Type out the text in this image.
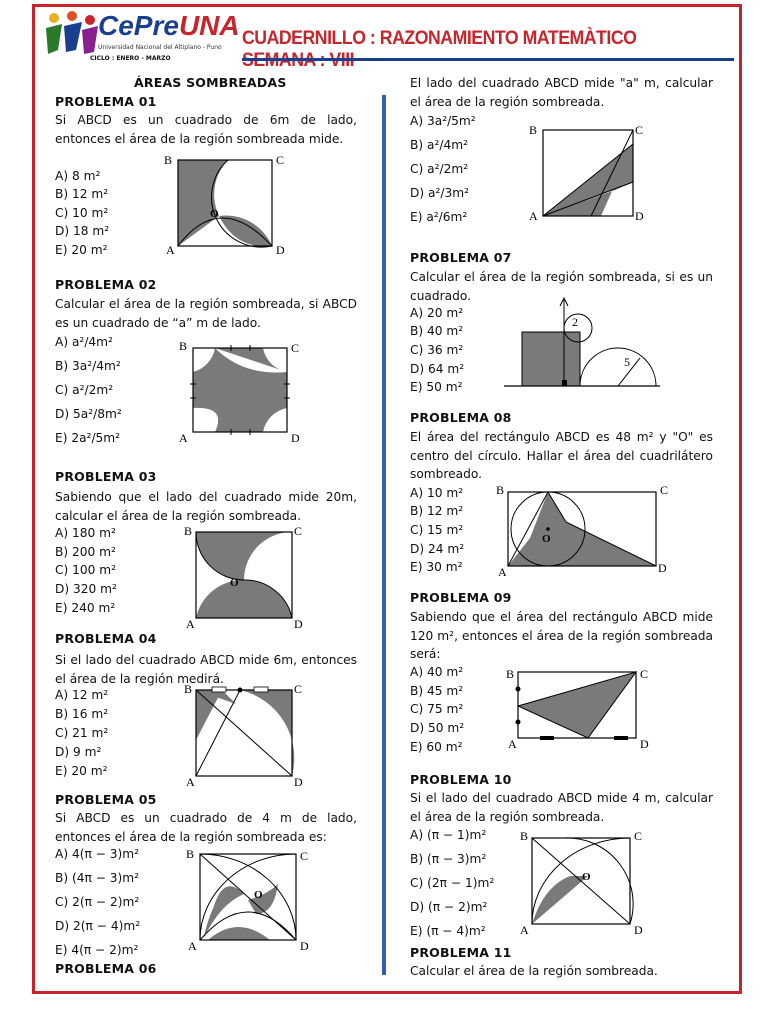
CePreUNA
Universidad Nacional del Altiplano - Puno
CICLO : ENERO - MARZO
CUADERNILLO : RAZONAMIENTO MATEMÀTICO
ÁREAS SOMBREADAS
PROBLEMA 01
Si ABCD es un cuadrado de 6m de lado, entonces el área de la región sombreada mide.
A) 8 m²
B) 12 m²
C) 10 m²
D) 18 m²
E) 20 m²
B	C
A	D
O
PROBLEMA 02
Calcular el área de la región sombreada, si ABCD es un cuadrado de “a” m de lado.
A) a²/4m²
B) 3a²/4m²
C) a²/2m²
D) 5a²/8m²
E) 2a²/5m²
B	C
A	D
PROBLEMA 03
Sabiendo que el lado del cuadrado mide 20m, calcular el área de la región sombreada.
A) 180 m²
B) 200 m²
C) 100 m²
D) 320 m²
E) 240 m²
B	C
A	D
O
PROBLEMA 04
Si el lado del cuadrado ABCD mide 6m, entonces el área de la región medirá.
A) 12 m²
B) 16 m²
C) 21 m²
D) 9 m²
E) 20 m²
B	C
A	D
PROBLEMA 05
Si ABCD es un cuadrado de 4 m de lado, entonces el área de la región sombreada es:
A) 4(π − 3)m²
B) (4π − 3)m²
C) 2(π − 2)m²
D) 2(π − 4)m²
E) 4(π − 2)m²
B	C
A	D
O
PROBLEMA 06
El lado del cuadrado ABCD mide "a" m, calcular el área de la región sombreada.
A) 3a²/5m²
B) a²/4m²
C) a²/2m²
D) a²/3m²
E) a²/6m²
B	C
A	D
PROBLEMA 07
Calcular el área de la región sombreada, si es un cuadrado.
A) 20 m²
B) 40 m²
C) 36 m²
D) 64 m²
E) 50 m²
2
5
PROBLEMA 08
El área del rectángulo ABCD es 48 m² y "O" es centro del círculo. Hallar el área del cuadrilátero sombreado.
A) 10 m²
B) 12 m²
C) 15 m²
D) 24 m²
E) 30 m²
B	C
A	D
O
PROBLEMA 09
Sabiendo que el área del rectángulo ABCD mide 120 m², entonces el área de la región sombreada será:
A) 40 m²
B) 45 m²
C) 75 m²
D) 50 m²
E) 60 m²
B	C
A	D
PROBLEMA 10
Si el lado del cuadrado ABCD mide 4 m, calcular el área de la región sombreada.
A) (π − 1)m²
B) (π − 3)m²
C) (2π − 1)m²
D) (π − 2)m²
E) (π − 4)m²
B	C
A	D
O
PROBLEMA 11
Calcular el área de la región sombreada.
